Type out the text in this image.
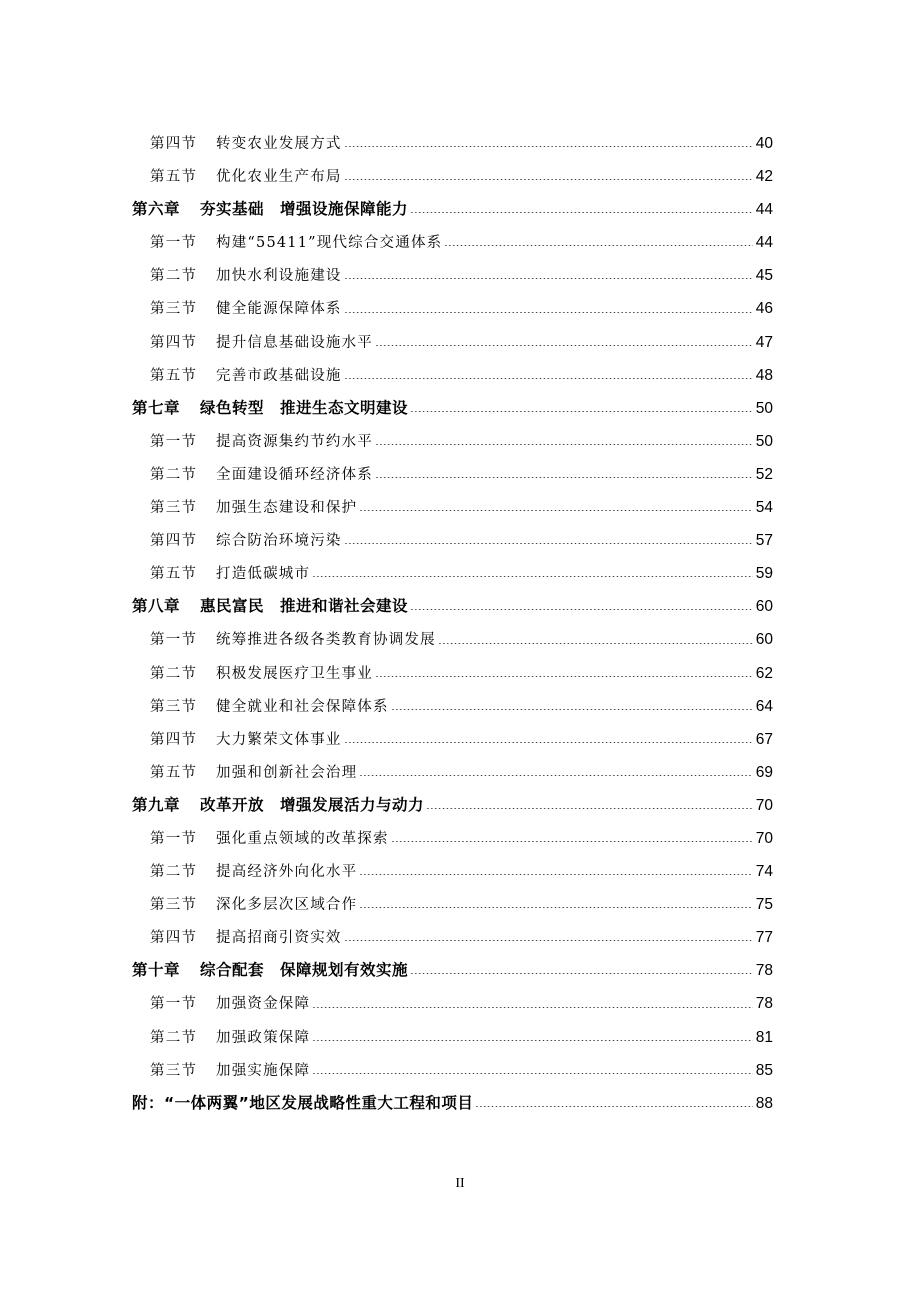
第四节	转变农业发展方式	40
第五节	优化农业生产布局	42
第六章	夯实基础 增强设施保障能力	44
第一节	构建“55411”现代综合交通体系	44
第二节	加快水利设施建设	45
第三节	健全能源保障体系	46
第四节	提升信息基础设施水平	47
第五节	完善市政基础设施	48
第七章	绿色转型 推进生态文明建设	50
第一节	提高资源集约节约水平	50
第二节	全面建设循环经济体系	52
第三节	加强生态建设和保护	54
第四节	综合防治环境污染	57
第五节	打造低碳城市	59
第八章	惠民富民 推进和谐社会建设	60
第一节	统筹推进各级各类教育协调发展	60
第二节	积极发展医疗卫生事业	62
第三节	健全就业和社会保障体系	64
第四节	大力繁荣文体事业	67
第五节	加强和创新社会治理	69
第九章	改革开放 增强发展活力与动力	70
第一节	强化重点领域的改革探索	70
第二节	提高经济外向化水平	74
第三节	深化多层次区域合作	75
第四节	提高招商引资实效	77
第十章	综合配套 保障规划有效实施	78
第一节	加强资金保障	78
第二节	加强政策保障	81
第三节	加强实施保障	85
附：“一体两翼”地区发展战略性重大工程和项目	88
II
